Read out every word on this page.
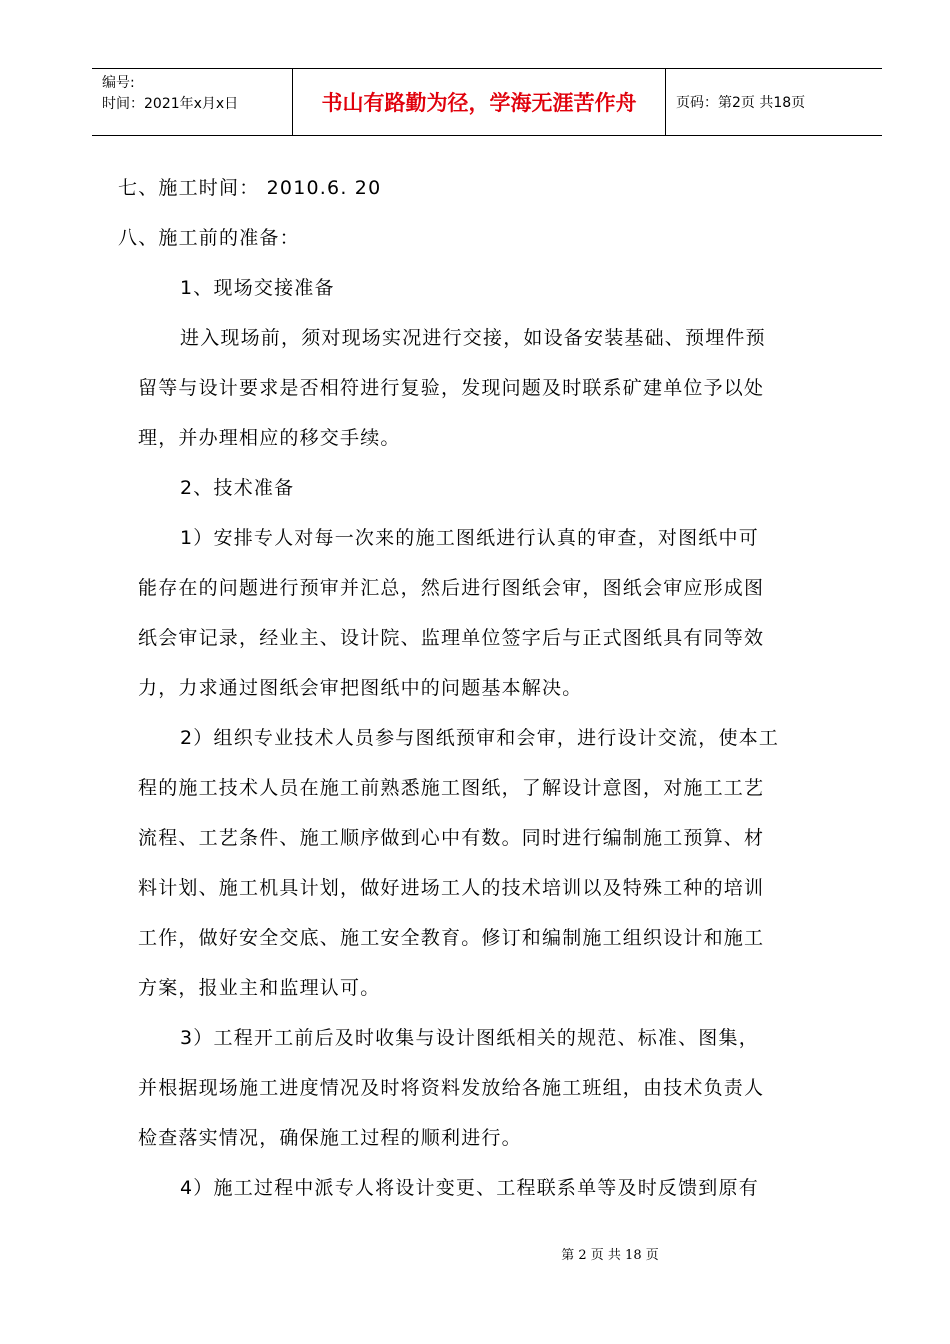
编号:
时间：2021年x月x日	书山有路勤为径，学海无涯苦作舟	页码：第2页 共18页
七、施工时间： 2010.6. 20
八、施工前的准备：
1、现场交接准备
进入现场前，须对现场实况进行交接，如设备安装基础、预埋件预
留等与设计要求是否相符进行复验，发现问题及时联系矿建单位予以处
理，并办理相应的移交手续。
2、技术准备
1）安排专人对每一次来的施工图纸进行认真的审查，对图纸中可
能存在的问题进行预审并汇总，然后进行图纸会审，图纸会审应形成图
纸会审记录，经业主、设计院、监理单位签字后与正式图纸具有同等效
力，力求通过图纸会审把图纸中的问题基本解决。
2）组织专业技术人员参与图纸预审和会审，进行设计交流，使本工
程的施工技术人员在施工前熟悉施工图纸，了解设计意图，对施工工艺
流程、工艺条件、施工顺序做到心中有数。同时进行编制施工预算、材
料计划、施工机具计划，做好进场工人的技术培训以及特殊工种的培训
工作，做好安全交底、施工安全教育。修订和编制施工组织设计和施工
方案，报业主和监理认可。
3）工程开工前后及时收集与设计图纸相关的规范、标准、图集，
并根据现场施工进度情况及时将资料发放给各施工班组，由技术负责人
检查落实情况，确保施工过程的顺利进行。
4）施工过程中派专人将设计变更、工程联系单等及时反馈到原有
第 2 页 共 18 页
